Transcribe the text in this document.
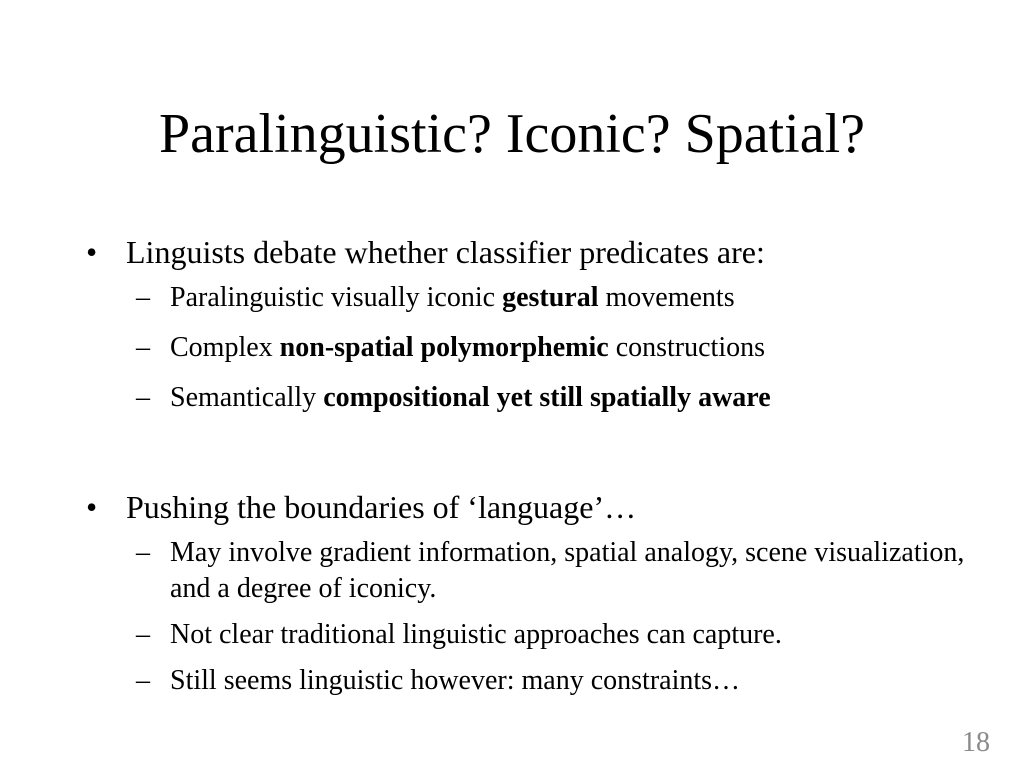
Paralinguistic? Iconic? Spatial?
• Linguists debate whether classifier predicates are:
– Paralinguistic visually iconic gestural movements
– Complex non-spatial polymorphemic constructions
– Semantically compositional yet still spatially aware
• Pushing the boundaries of ‘language’…
– May involve gradient information, spatial analogy, scene visualization, and a degree of iconicy.
– Not clear traditional linguistic approaches can capture.
– Still seems linguistic however: many constraints…
18
